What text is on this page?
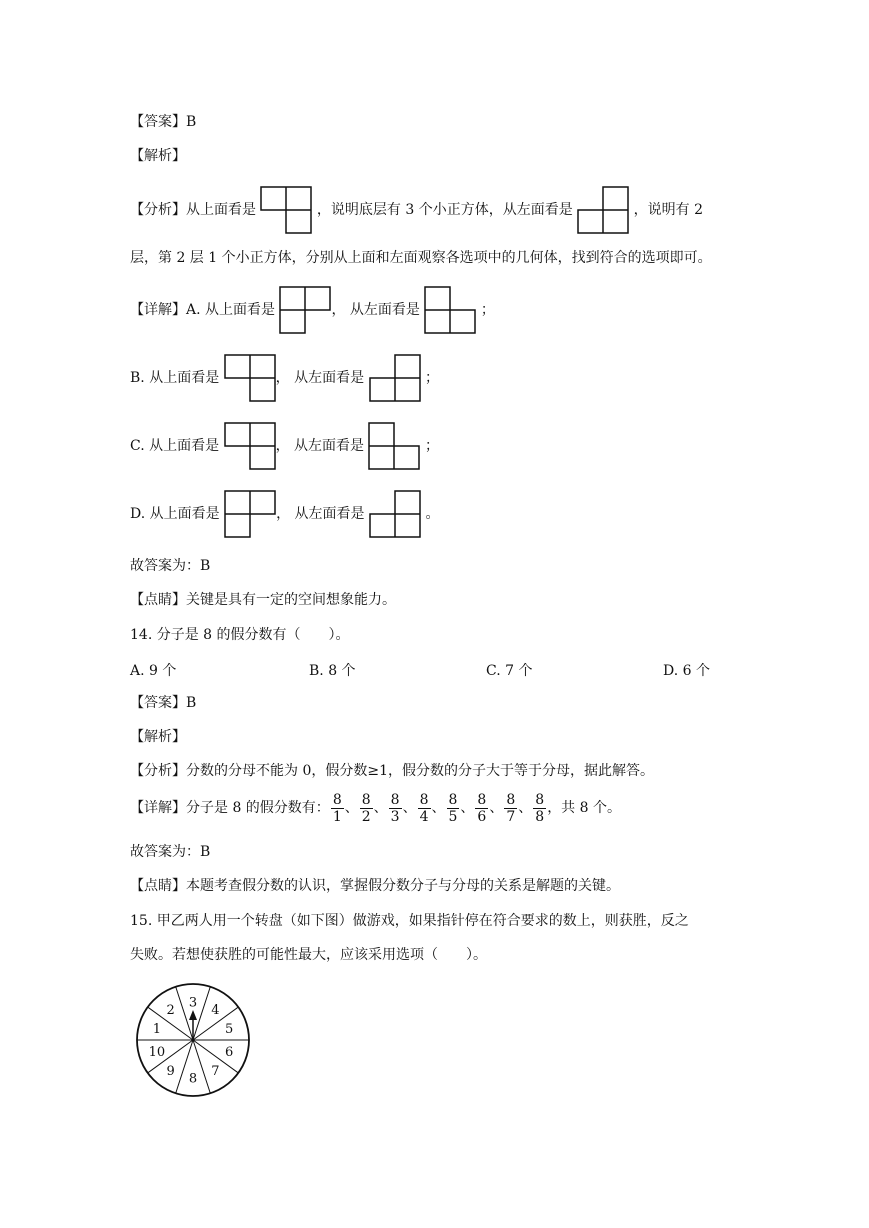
【答案】B
【解析】
【分析】从上面看是	，说明底层有 3 个小正方体，从左面看是	，说明有 2
层，第 2 层 1 个小正方体，分别从上面和左面观察各选项中的几何体，找到符合的选项即可。
【详解】A. 从上面看是	， 从左面看是	；
B. 从上面看是	， 从左面看是	；
C. 从上面看是	， 从左面看是	；
D. 从上面看是	， 从左面看是	。
故答案为：B
【点睛】关键是具有一定的空间想象能力。
14. 分子是 8 的假分数有（　　）。
A. 9 个	B. 8 个	C. 7 个	D. 6 个
【答案】B
【解析】
【分析】分数的分母不能为 0，假分数≥1，假分数的分子大于等于分母，据此解答。
【详解】分子是 8 的假分数有： $\frac{8}{1}$ 、 $\frac{8}{2}$ 、 $\frac{8}{3}$ 、 $\frac{8}{4}$ 、 $\frac{8}{5}$ 、 $\frac{8}{6}$ 、 $\frac{8}{7}$ 、 $\frac{8}{8}$ ，共 8 个。
故答案为：B
【点睛】本题考查假分数的认识，掌握假分数分子与分母的关系是解题的关键。
15. 甲乙两人用一个转盘（如下图）做游戏，如果指针停在符合要求的数上，则获胜，反之
失败。若想使获胜的可能性最大，应该采用选项（　　）。
3 4
5
6
7
8
9
10
1
2
